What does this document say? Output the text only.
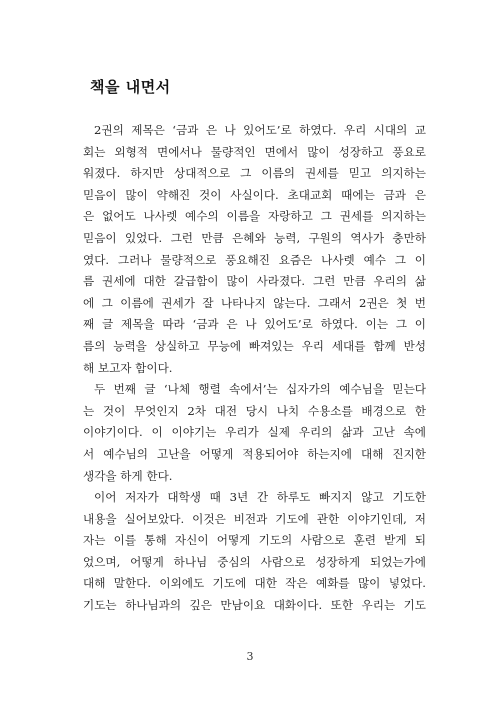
책을 내면서
2권의 제목은 ‘금과 은 나 있어도’로 하였다. 우리 시대의 교
회는 외형적 면에서나 물량적인 면에서 많이 성장하고 풍요로
워졌다. 하지만 상대적으로 그 이름의 권세를 믿고 의지하는
믿음이 많이 약해진 것이 사실이다. 초대교회 때에는 금과 은
은 없어도 나사렛 예수의 이름을 자랑하고 그 권세를 의지하는
믿음이 있었다. 그런 만큼 은혜와 능력, 구원의 역사가 충만하
였다. 그러나 물량적으로 풍요해진 요즘은 나사렛 예수 그 이
름 권세에 대한 갈급함이 많이 사라졌다. 그런 만큼 우리의 삶
에 그 이름에 권세가 잘 나타나지 않는다. 그래서 2권은 첫 번
째 글 제목을 따라 ‘금과 은 나 있어도’로 하였다. 이는 그 이
름의 능력을 상실하고 무능에 빠져있는 우리 세대를 함께 반성
해 보고자 함이다.
두 번째 글 ‘나체 행렬 속에서’는 십자가의 예수님을 믿는다
는 것이 무엇인지 2차 대전 당시 나치 수용소를 배경으로 한
이야기이다. 이 이야기는 우리가 실제 우리의 삶과 고난 속에
서 예수님의 고난을 어떻게 적용되어야 하는지에 대해 진지한
생각을 하게 한다.
이어 저자가 대학생 때 3년 간 하루도 빠지지 않고 기도한
내용을 실어보았다. 이것은 비전과 기도에 관한 이야기인데, 저
자는 이를 통해 자신이 어떻게 기도의 사람으로 훈련 받게 되
었으며, 어떻게 하나님 중심의 사람으로 성장하게 되었는가에
대해 말한다. 이외에도 기도에 대한 작은 예화를 많이 넣었다.
기도는 하나님과의 깊은 만남이요 대화이다. 또한 우리는 기도
3
